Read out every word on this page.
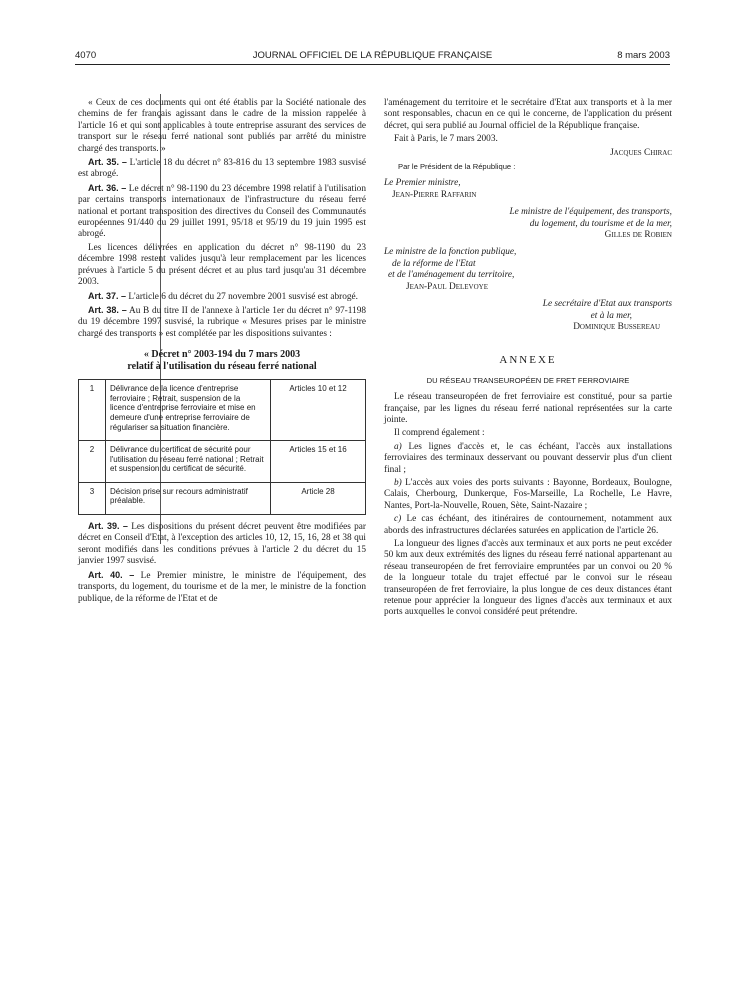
4070	JOURNAL OFFICIEL DE LA RÉPUBLIQUE FRANÇAISE	8 mars 2003

« Ceux de ces documents qui ont été établis par la Société nationale des chemins de fer français agissant dans le cadre de la mission rappelée à l'article 16 et qui sont applicables à toute entreprise assurant des services de transport sur le réseau ferré national sont publiés par arrêté du ministre chargé des transports. »

Art. 35. – L'article 18 du décret n° 83-816 du 13 septembre 1983 susvisé est abrogé.

Art. 36. – Le décret n° 98-1190 du 23 décembre 1998 relatif à l'utilisation par certains transports internationaux de l'infrastructure du réseau ferré national et portant transposition des directives du Conseil des Communautés européennes 91/440 du 29 juillet 1991, 95/18 et 95/19 du 19 juin 1995 est abrogé.

Les licences délivrées en application du décret n° 98-1190 du 23 décembre 1998 restent valides jusqu'à leur remplacement par les licences prévues à l'article 5 du présent décret et au plus tard jusqu'au 31 décembre 2003.

Art. 37. – L'article 6 du décret du 27 novembre 2001 susvisé est abrogé.

Art. 38. – Au B du titre II de l'annexe à l'article 1er du décret n° 97-1198 du 19 décembre 1997 susvisé, la rubrique « Mesures prises par le ministre chargé des transports » est complétée par les dispositions suivantes :

« Décret n° 2003-194 du 7 mars 2003
relatif à l'utilisation du réseau ferré national
1	Délivrance de la licence d'entreprise ferroviaire ; Retrait, suspension de la licence d'entreprise ferroviaire et mise en demeure d'une entreprise ferroviaire de régulariser sa situation financière.	Articles 10 et 12
2	Délivrance du certificat de sécurité pour l'utilisation du réseau ferré national ; Retrait et suspension du certificat de sécurité.	Articles 15 et 16
3	Décision prise sur recours administratif préalable.	Article 28

Art. 39. – Les dispositions du présent décret peuvent être modifiées par décret en Conseil d'Etat, à l'exception des articles 10, 12, 15, 16, 28 et 38 qui seront modifiés dans les conditions prévues à l'article 2 du décret du 15 janvier 1997 susvisé.

Art. 40. – Le Premier ministre, le ministre de l'équipement, des transports, du logement, du tourisme et de la mer, le ministre de la fonction publique, de la réforme de l'Etat et de

l'aménagement du territoire et le secrétaire d'Etat aux transports et à la mer sont responsables, chacun en ce qui le concerne, de l'application du présent décret, qui sera publié au Journal officiel de la République française.

Fait à Paris, le 7 mars 2003.

Jacques Chirac
Par le Président de la République :
Le Premier ministre,
Jean-Pierre Raffarin
Le ministre de l'équipement, des transports,
du logement, du tourisme et de la mer,
Gilles de Robien
Le ministre de la fonction publique,
de la réforme de l'Etat
et de l'aménagement du territoire,
Jean-Paul Delevoye
Le secrétaire d'Etat aux transports
et à la mer,
Dominique Bussereau
ANNEXE
DU RÉSEAU TRANSEUROPÉEN DE FRET FERROVIAIRE

Le réseau transeuropéen de fret ferroviaire est constitué, pour sa partie française, par les lignes du réseau ferré national représentées sur la carte jointe.

Il comprend également :

a) Les lignes d'accès et, le cas échéant, l'accès aux installations ferroviaires des terminaux desservant ou pouvant desservir plus d'un client final ;

b) L'accès aux voies des ports suivants : Bayonne, Bordeaux, Boulogne, Calais, Cherbourg, Dunkerque, Fos-Marseille, La Rochelle, Le Havre, Nantes, Port-la-Nouvelle, Rouen, Sète, Saint-Nazaire ;

c) Le cas échéant, des itinéraires de contournement, notamment aux abords des infrastructures déclarées saturées en application de l'article 26.

La longueur des lignes d'accès aux terminaux et aux ports ne peut excéder 50 km aux deux extrémités des lignes du réseau ferré national appartenant au réseau transeuropéen de fret ferroviaire empruntées par un convoi ou 20 % de la longueur totale du trajet effectué par le convoi sur le réseau transeuropéen de fret ferroviaire, la plus longue de ces deux distances étant retenue pour apprécier la longueur des lignes d'accès aux terminaux et aux ports auxquelles le convoi considéré peut prétendre.
